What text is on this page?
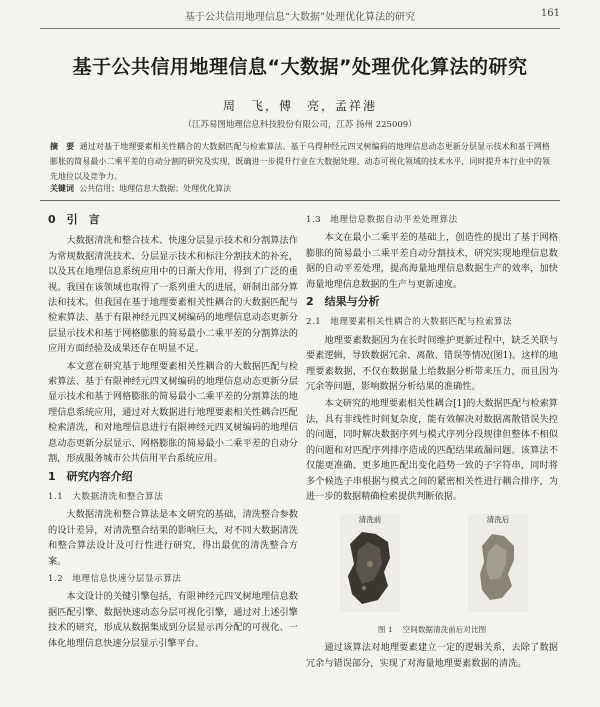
基于公共信用地理信息“大数据”处理优化算法的研究	161
基于公共信用地理信息“大数据”处理优化算法的研究
周　飞，傅　亮，孟祥港
（江苏易图地理信息科技股份有限公司，江苏 扬州 225009）
摘　要 通过对基于地理要素相关性耦合的大数据匹配与检索算法、基于乌得种经元四叉树编码的地理信息动态更新分层显示技术和基于网格膨胀的简易最小二乘平差的自动分割的研究及实现，既确进一步提升行业在大数据处理、动态可视化领域的技术水平，同时提升本行业中的领先地位以及竞争力。
关键词 公共信用；地理信息大数据；处理优化算法
0　引　言
大数据清洗和整合技术、快速分层显示技术和分割算法作为常规数据清洗技术、分层显示技术和标注分割技术的补充，以及其在地理信息系统应用中的日渐大作用，得到了广泛的重视。我国在该领域也取得了一系列重大的进展，研制出部分算法和技术。但我国在基于地理要素相关性耦合的大数据匹配与检索算法、基于有限神经元四叉树编码的地理信息动态更新分层显示技术和基于网格膨胀的简易最小二乘平差的分割算法的应用方面经验及成果还存在明显不足。
本文意在研究基于地理要素相关性耦合的大数据匹配与检索算法、基于有限神经元四叉树编码的地理信息动态更新分层显示技术和基于网格膨胀的简易最小二乘平差的分割算法的地理信息系统应用，通过对大数据进行地理要素相关性耦合匹配检索清洗，和对地理信息进行有限神经元四叉树编码的地理信息动态更新分层显示、网格膨胀的简易最小二乘平差的自动分割，形成服务城市公共信用平台系统应用。
1　研究内容介绍
1.1　大数据清洗和整合算法
大数据清洗和整合算法是本文研究的基础，清洗整合参数的设计差异，对清洗整合结果的影响巨大，对不同大数据清洗和整合算法设计及可行性进行研究，得出最优的清洗整合方案。
1.2　地理信息快速分层显示算法
本文设计的关键引擎包括，有限神经元四叉树地理信息数据匹配引擎、数据快速动态分层可视化引擎，通过对上述引擎技术的研究，形成从数据集成到分层显示再分配的可视化、一体化地理信息快速分层显示引擎平台。
1.3　地理信息数据自动平差处理算法
本文在最小二乘平差的基础上，创造性的提出了基于网格膨胀的简易最小二乘平差自动分割技术，研究实现地理信息数据的自动平差处理，提高海量地理信息数据生产的效率，加快海量地理信息数据的生产与更新速度。
2　结果与分析
2.1　地理要素相关性耦合的大数据匹配与检索算法
地理要素数据因为在长时间维护更新过程中，缺乏关联与要素逻辑，导致数据冗余、离散、错误等情况(图1)。这样的地理要素数据，不仅在数据量上给数据分析带来压力，而且因为冗余等问题，影响数据分析结果的准确性。
本文研究的地理要素相关性耦合[1]的大数据匹配与检索算法，具有非线性时间复杂度，能有效解决对数据离散错误失控的问题，同时解决数据序列与模式序列分段规律但整体不相似的问题和对匹配序列排序造成的匹配结果疏漏问题。该算法不仅能更准确、更多地匹配出变化趋势一致的子字符串，同时将多个候选子串根据与模式之间的紧密相关性进行耦合排序，为进一步的数据精确检索提供判断依据。
清洗前	清洗后
图 1 空间数据清洗前后对比图
通过该算法对地理要素建立一定的逻辑关系，去除了数据冗余与错误部分，实现了对海量地理要素数据的清洗。
